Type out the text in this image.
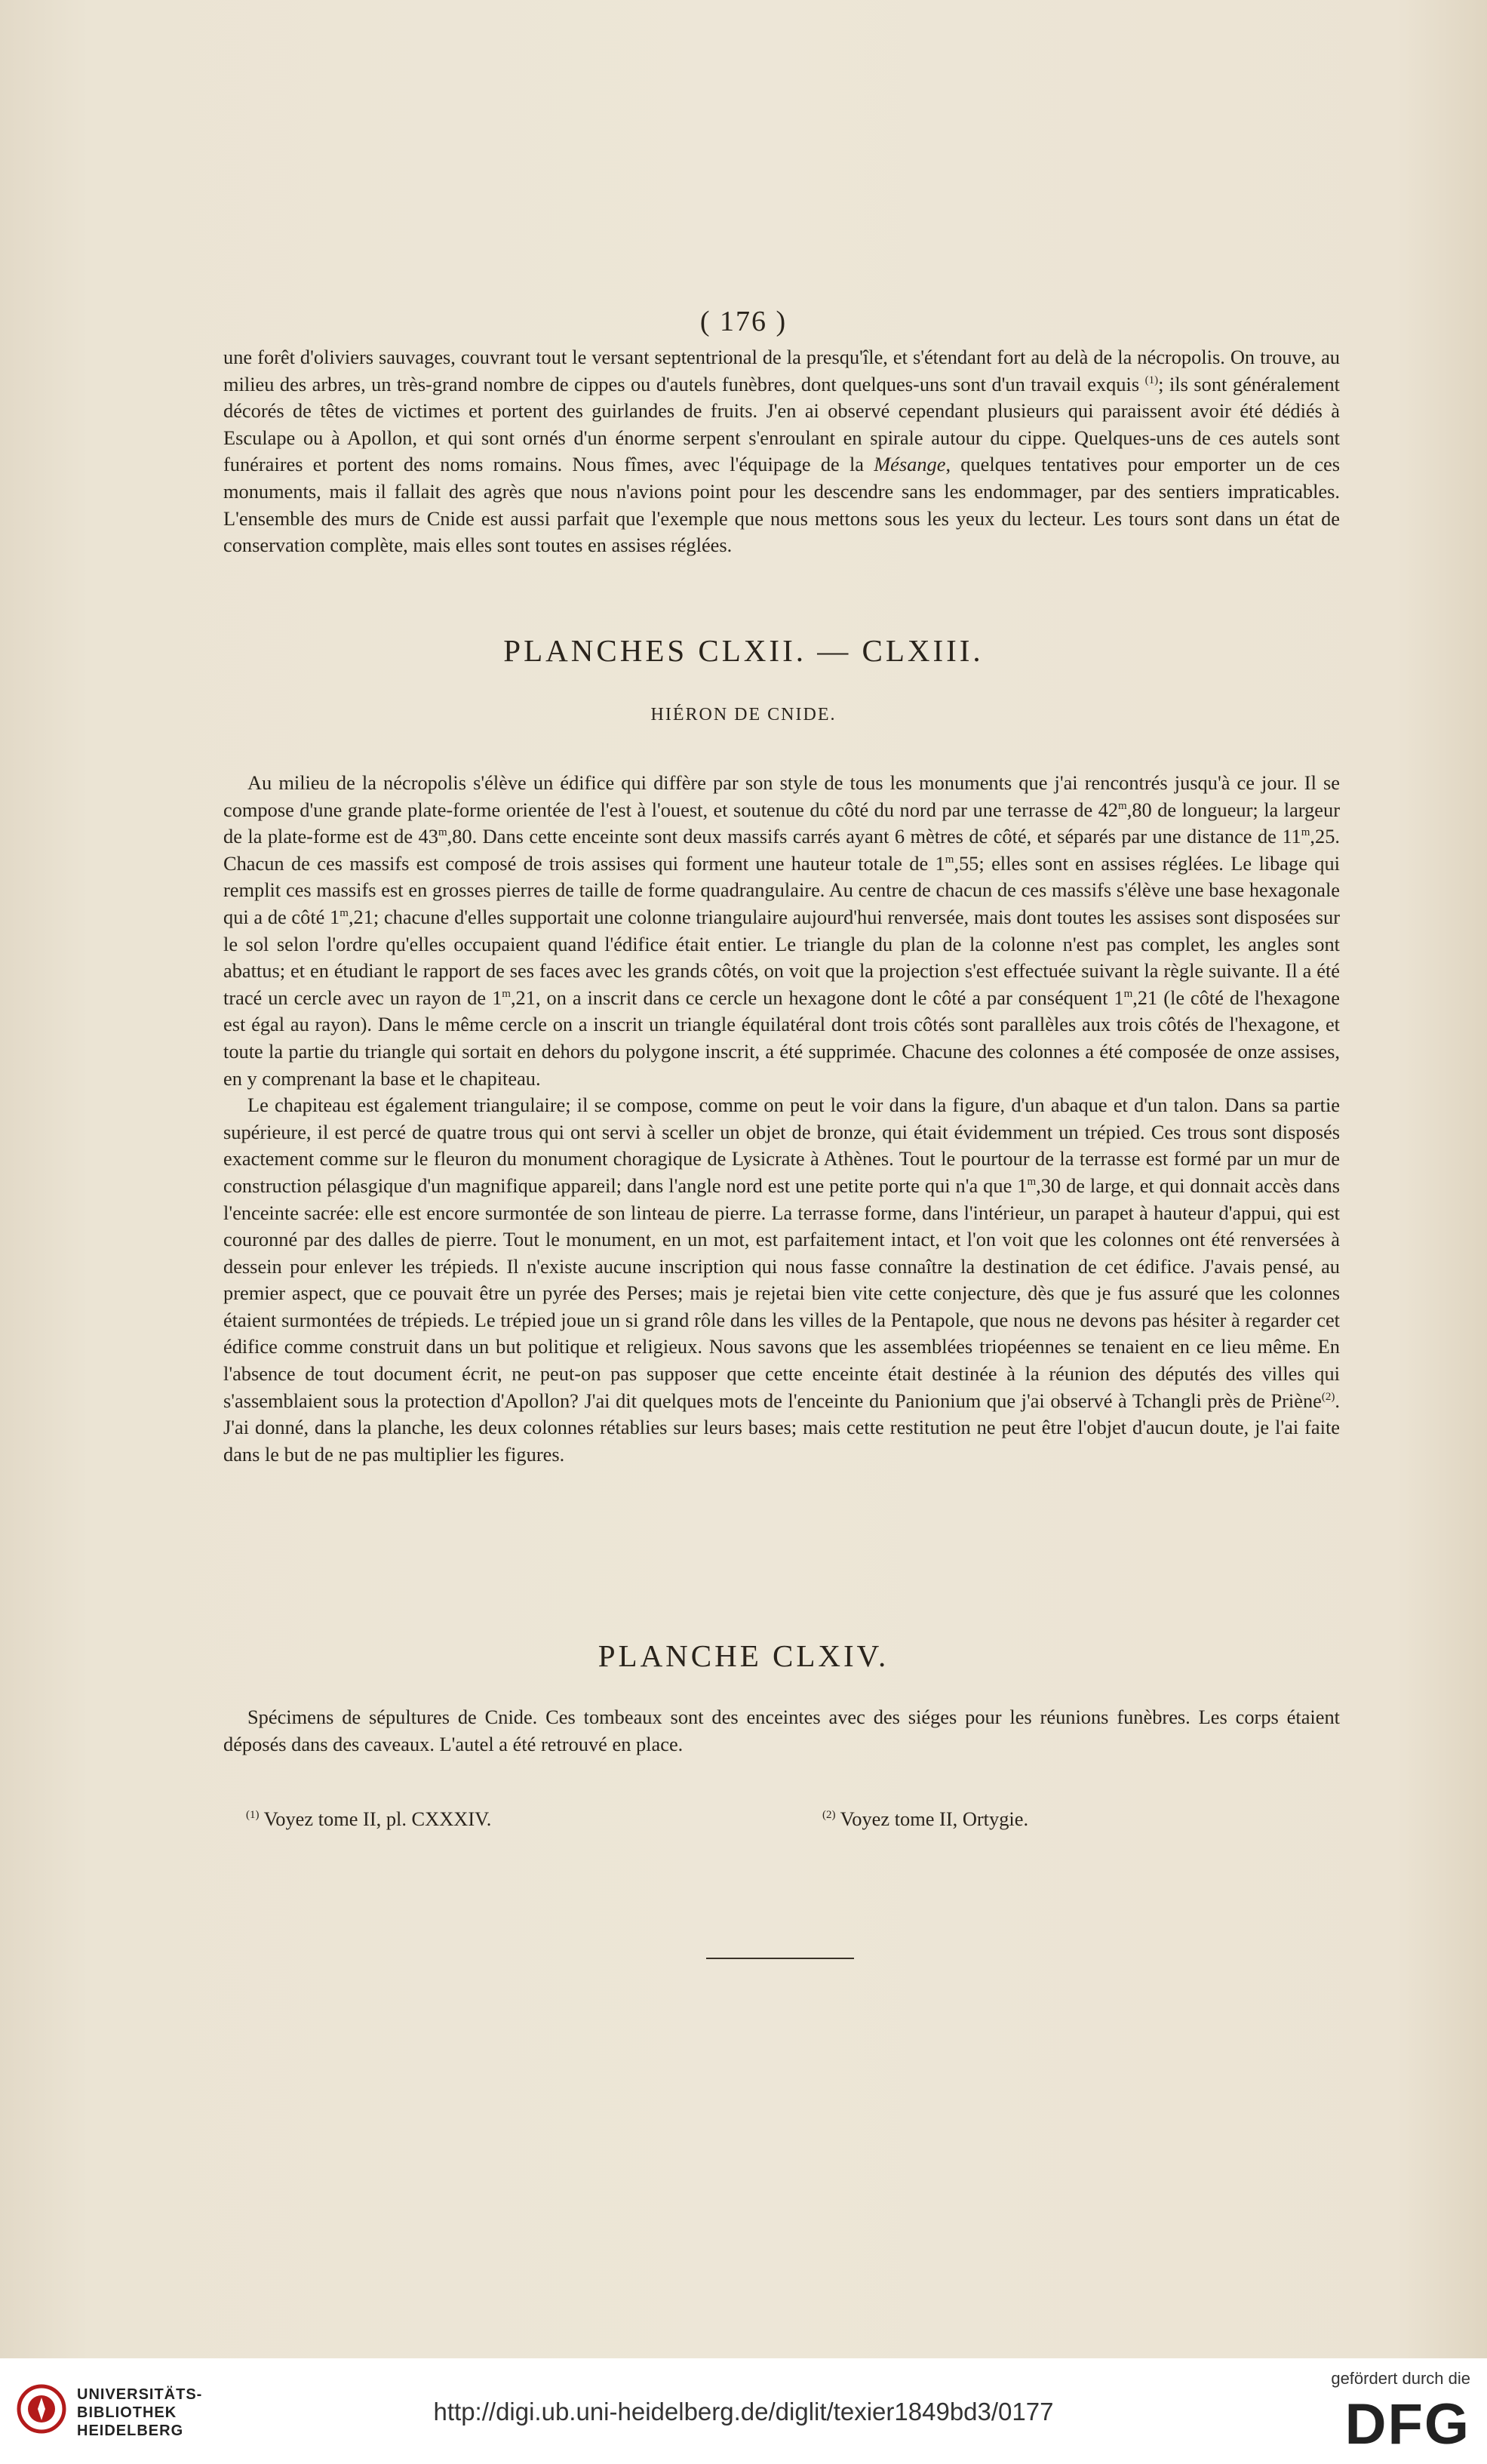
( 176 )

une forêt d'oliviers sauvages, couvrant tout le versant septentrional de la presqu'île, et s'étendant fort au delà de la nécropolis. On trouve, au milieu des arbres, un très-grand nombre de cippes ou d'autels funèbres, dont quelques-uns sont d'un travail exquis $^{(1)}$; ils sont généralement décorés de têtes de victimes et portent des guirlandes de fruits. J'en ai observé cependant plusieurs qui paraissent avoir été dédiés à Esculape ou à Apollon, et qui sont ornés d'un énorme serpent s'enroulant en spirale autour du cippe. Quelques-uns de ces autels sont funéraires et portent des noms romains. Nous fîmes, avec l'équipage de la Mésange, quelques tentatives pour emporter un de ces monuments, mais il fallait des agrès que nous n'avions point pour les descendre sans les endommager, par des sentiers impraticables. L'ensemble des murs de Cnide est aussi parfait que l'exemple que nous mettons sous les yeux du lecteur. Les tours sont dans un état de conservation complète, mais elles sont toutes en assises réglées.

PLANCHES CLXII. — CLXIII.
HIÉRON DE CNIDE.

Au milieu de la nécropolis s'élève un édifice qui diffère par son style de tous les monuments que j'ai rencontrés jusqu'à ce jour. Il se compose d'une grande plate-forme orientée de l'est à l'ouest, et soutenue du côté du nord par une terrasse de 42$^m$,80 de longueur; la largeur de la plate-forme est de 43$^m$,80. Dans cette enceinte sont deux massifs carrés ayant 6 mètres de côté, et séparés par une distance de 11$^m$,25. Chacun de ces massifs est composé de trois assises qui forment une hauteur totale de 1$^m$,55; elles sont en assises réglées. Le libage qui remplit ces massifs est en grosses pierres de taille de forme quadrangulaire. Au centre de chacun de ces massifs s'élève une base hexagonale qui a de côté 1$^m$,21; chacune d'elles supportait une colonne triangulaire aujourd'hui renversée, mais dont toutes les assises sont disposées sur le sol selon l'ordre qu'elles occupaient quand l'édifice était entier. Le triangle du plan de la colonne n'est pas complet, les angles sont abattus; et en étudiant le rapport de ses faces avec les grands côtés, on voit que la projection s'est effectuée suivant la règle suivante. Il a été tracé un cercle avec un rayon de 1$^m$,21, on a inscrit dans ce cercle un hexagone dont le côté a par conséquent 1$^m$,21 (le côté de l'hexagone est égal au rayon). Dans le même cercle on a inscrit un triangle équilatéral dont trois côtés sont parallèles aux trois côtés de l'hexagone, et toute la partie du triangle qui sortait en dehors du polygone inscrit, a été supprimée. Chacune des colonnes a été composée de onze assises, en y comprenant la base et le chapiteau.

Le chapiteau est également triangulaire; il se compose, comme on peut le voir dans la figure, d'un abaque et d'un talon. Dans sa partie supérieure, il est percé de quatre trous qui ont servi à sceller un objet de bronze, qui était évidemment un trépied. Ces trous sont disposés exactement comme sur le fleuron du monument choragique de Lysicrate à Athènes. Tout le pourtour de la terrasse est formé par un mur de construction pélasgique d'un magnifique appareil; dans l'angle nord est une petite porte qui n'a que 1$^m$,30 de large, et qui donnait accès dans l'enceinte sacrée: elle est encore surmontée de son linteau de pierre. La terrasse forme, dans l'intérieur, un parapet à hauteur d'appui, qui est couronné par des dalles de pierre. Tout le monument, en un mot, est parfaitement intact, et l'on voit que les colonnes ont été renversées à dessein pour enlever les trépieds. Il n'existe aucune inscription qui nous fasse connaître la destination de cet édifice. J'avais pensé, au premier aspect, que ce pouvait être un pyrée des Perses; mais je rejetai bien vite cette conjecture, dès que je fus assuré que les colonnes étaient surmontées de trépieds. Le trépied joue un si grand rôle dans les villes de la Pentapole, que nous ne devons pas hésiter à regarder cet édifice comme construit dans un but politique et religieux. Nous savons que les assemblées triopéennes se tenaient en ce lieu même. En l'absence de tout document écrit, ne peut-on pas supposer que cette enceinte était destinée à la réunion des députés des villes qui s'assemblaient sous la protection d'Apollon? J'ai dit quelques mots de l'enceinte du Panionium que j'ai observé à Tchangli près de Priène$^{(2)}$. J'ai donné, dans la planche, les deux colonnes rétablies sur leurs bases; mais cette restitution ne peut être l'objet d'aucun doute, je l'ai faite dans le but de ne pas multiplier les figures.

PLANCHE CLXIV.

Spécimens de sépultures de Cnide. Ces tombeaux sont des enceintes avec des siéges pour les réunions funèbres. Les corps étaient déposés dans des caveaux. L'autel a été retrouvé en place.

$^{(1)}$ Voyez tome II, pl. CXXXIV.	$^{(2)}$ Voyez tome II, Ortygie.
UNIVERSITÄTS-
BIBLIOTHEK
HEIDELBERG
http://digi.ub.uni-heidelberg.de/diglit/texier1849bd3/0177
gefördert durch die
DFG
